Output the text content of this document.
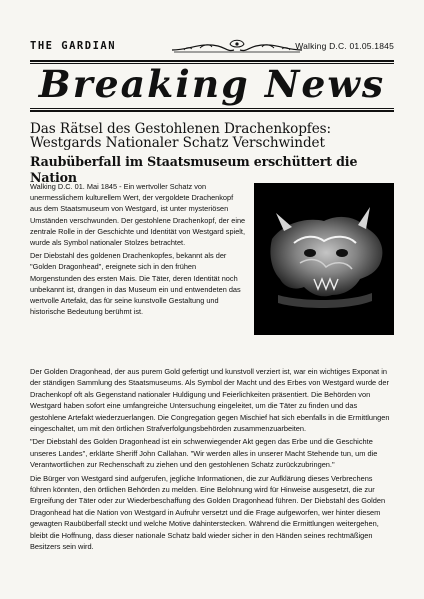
THE GARDIAN	Walking D.C. 01.05.1845
Breaking News
Das Rätsel des Gestohlenen Drachenkopfes:
Westgards Nationaler Schatz Verschwindet
Raubüberfall im Staatsmuseum erschüttert die Nation

Walking D.C. 01. Mai 1845 - Ein wertvoller Schatz von unermesslichem kulturellem Wert, der vergoldete Drachenkopf aus dem Staatsmuseum von Westgard, ist unter mysteriösen Umständen verschwunden. Der gestohlene Drachenkopf, der eine zentrale Rolle in der Geschichte und Identität von Westgard spielt, wurde als Symbol nationaler Stolzes betrachtet.

Der Diebstahl des goldenen Drachenkopfes, bekannt als der "Golden Dragonhead", ereignete sich in den frühen Morgenstunden des ersten Mais. Die Täter, deren Identität noch unbekannt ist, drangen in das Museum ein und entwendeten das wertvolle Artefakt, das für seine kunstvolle Gestaltung und historische Bedeutung berühmt ist.

Der Golden Dragonhead, der aus purem Gold gefertigt und kunstvoll verziert ist, war ein wichtiges Exponat in der ständigen Sammlung des Staatsmuseums. Als Symbol der Macht und des Erbes von Westgard wurde der Drachenkopf oft als Gegenstand nationaler Huldigung und Feierlichkeiten präsentiert. Die Behörden von Westgard haben sofort eine umfangreiche Untersuchung eingeleitet, um die Täter zu finden und das gestohlene Artefakt wiederzuerlangen. Die Congregation gegen Mischief hat sich ebenfalls in die Ermittlungen eingeschaltet, um mit den örtlichen Strafverfolgungsbehörden zusammenzuarbeiten.

"Der Diebstahl des Golden Dragonhead ist ein schwerwiegender Akt gegen das Erbe und die Geschichte unseres Landes", erklärte Sheriff John Callahan. "Wir werden alles in unserer Macht Stehende tun, um die Verantwortlichen zur Rechenschaft zu ziehen und den gestohlenen Schatz zurückzubringen."

Die Bürger von Westgard sind aufgerufen, jegliche Informationen, die zur Aufklärung dieses Verbrechens führen könnten, den örtlichen Behörden zu melden. Eine Belohnung wird für Hinweise ausgesetzt, die zur Ergreifung der Täter oder zur Wiederbeschaffung des Golden Dragonhead führen. Der Diebstahl des Golden Dragonhead hat die Nation von Westgard in Aufruhr versetzt und die Frage aufgeworfen, wer hinter diesem gewagten Raubüberfall steckt und welche Motive dahinterstecken. Während die Ermittlungen weitergehen, bleibt die Hoffnung, dass dieser nationale Schatz bald wieder sicher in den Händen seines rechtmäßigen Besitzers sein wird.
